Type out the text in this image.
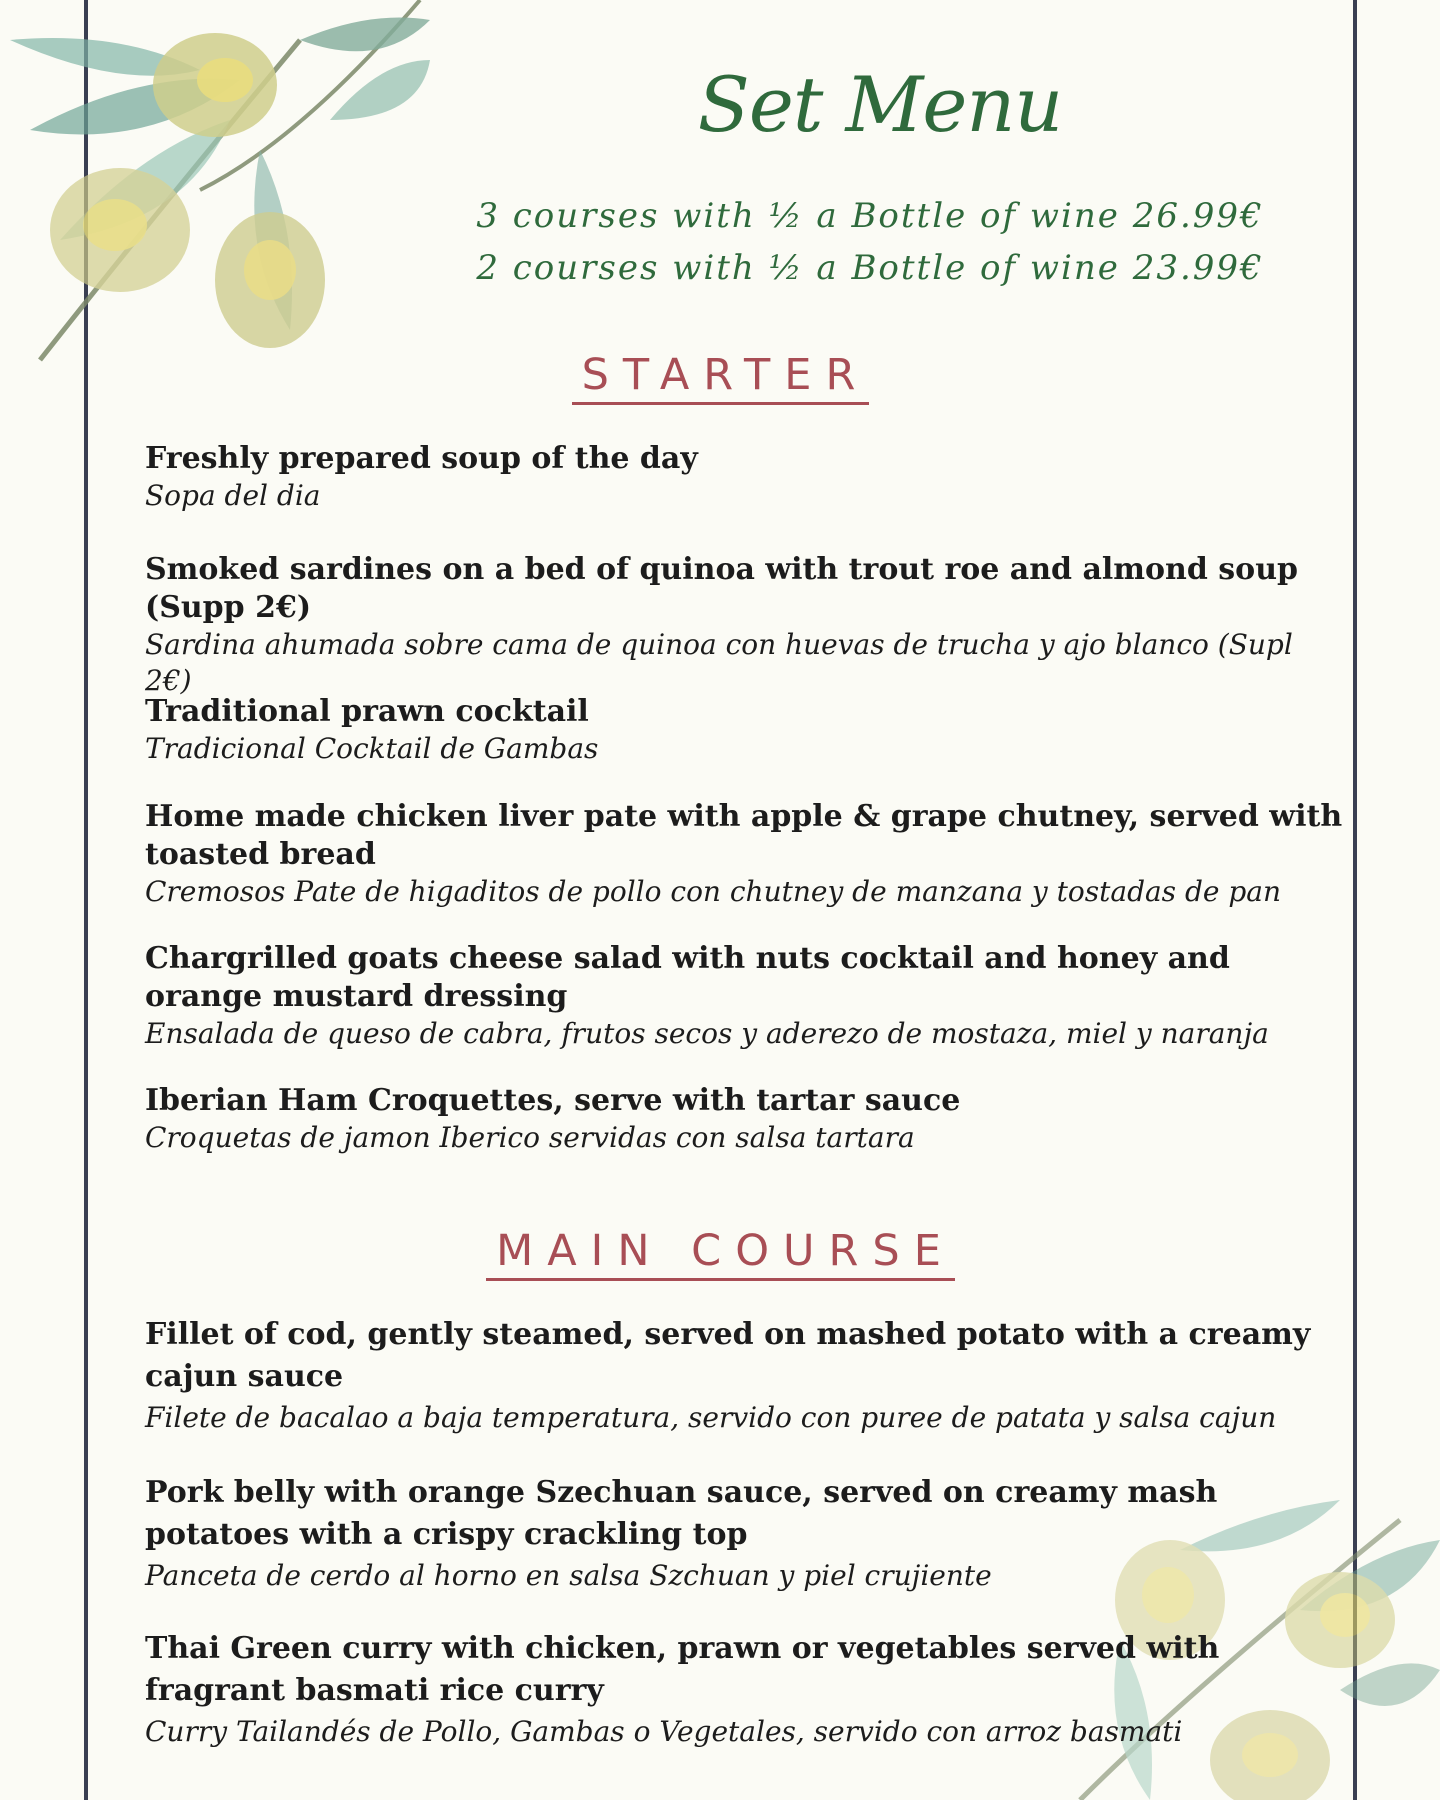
Set Menu
3 courses with ½ a Bottle of wine 26.99€
2 courses with ½ a Bottle of wine 23.99€
STARTER
Freshly prepared soup of the day
Sopa del dia
Smoked sardines on a bed of quinoa with trout roe and almond soup (Supp 2€)
Sardina ahumada sobre cama de quinoa con huevas de trucha y ajo blanco (Supl 2€)
Traditional prawn cocktail
Tradicional Cocktail de Gambas
Home made chicken liver pate with apple & grape chutney, served with toasted bread
Cremosos Pate de higaditos de pollo con chutney de manzana y tostadas de pan
Chargrilled goats cheese salad with nuts cocktail and honey and orange mustard dressing
Ensalada de queso de cabra, frutos secos y aderezo de mostaza, miel y naranja
Iberian Ham Croquettes, serve with tartar sauce
Croquetas de jamon Iberico servidas con salsa tartara
MAIN COURSE
Fillet of cod, gently steamed, served on mashed potato with a creamy cajun sauce
Filete de bacalao a baja temperatura, servido con puree de patata y salsa cajun
Pork belly with orange Szechuan sauce, served on creamy mash potatoes with a crispy crackling top
Panceta de cerdo al horno en salsa Szchuan y piel crujiente
Thai Green curry with chicken, prawn or vegetables served with fragrant basmati rice curry
Curry Tailandés de Pollo, Gambas o Vegetales, servido con arroz basmati
